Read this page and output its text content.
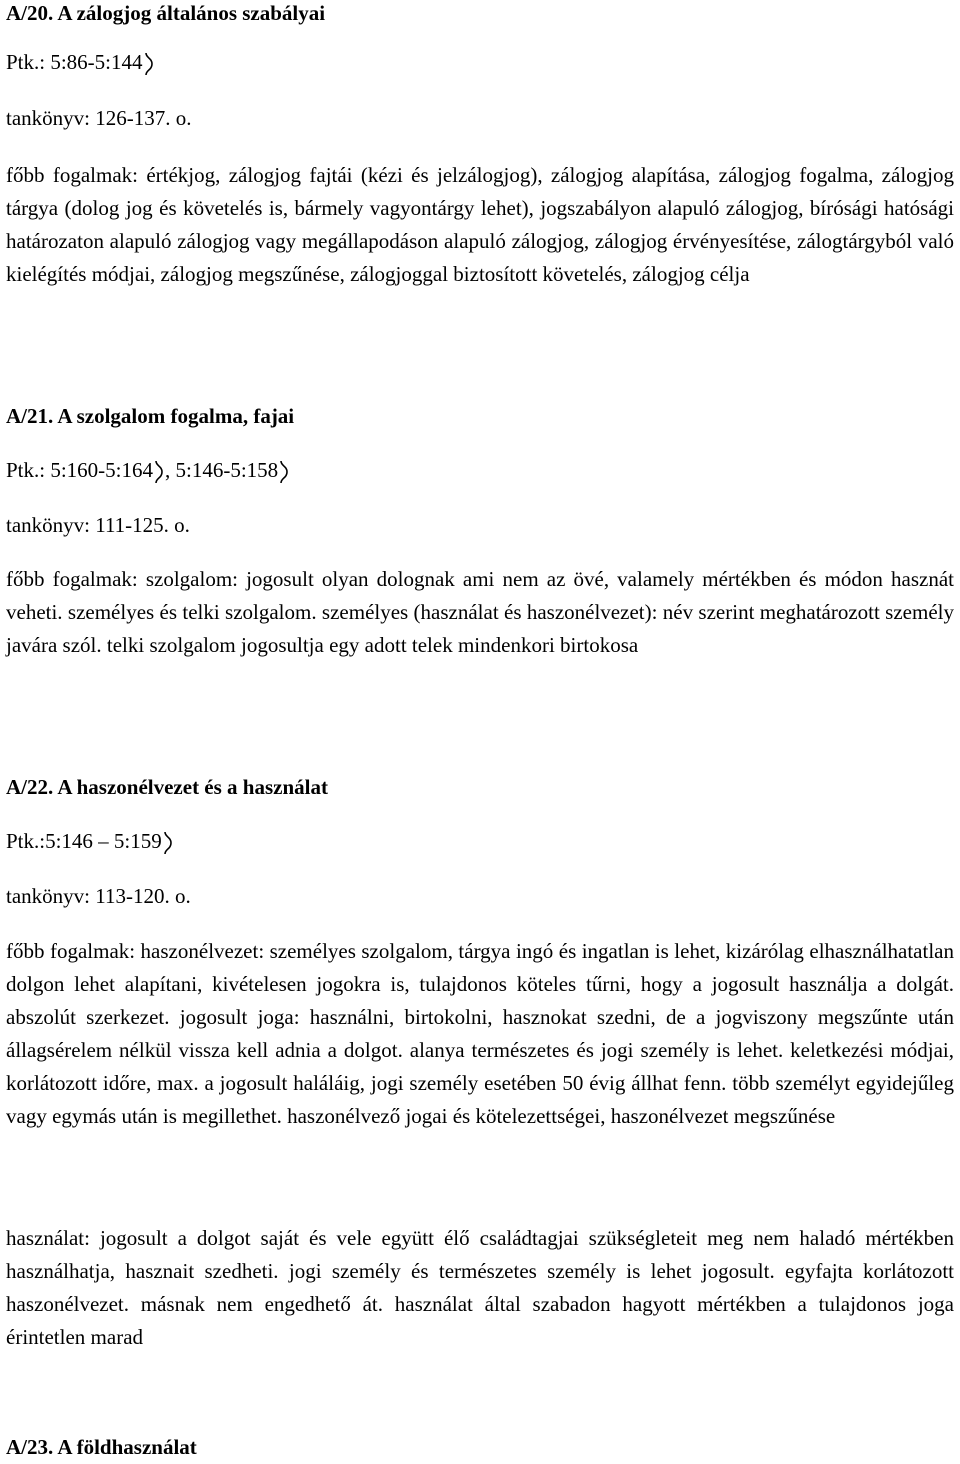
A/20. A zálogjog általános szabályai
Ptk.: 5:86-5:144
tankönyv: 126-137. o.

főbb fogalmak: értékjog, zálogjog fajtái (kézi és jelzálogjog), zálogjog alapítása, zálogjog fogalma, zálogjog tárgya (dolog jog és követelés is, bármely vagyontárgy lehet), jogszabályon alapuló zálogjog, bírósági hatósági határozaton alapuló zálogjog vagy megállapodáson alapuló zálogjog, zálogjog érvényesítése, zálogtárgyból való kielégítés módjai, zálogjog megszűnése, zálogjoggal biztosított követelés, zálogjog célja

A/21. A szolgalom fogalma, fajai
Ptk.: 5:160-5:164 , 5:146-5:158
tankönyv: 111-125. o.

főbb fogalmak: szolgalom: jogosult olyan dolognak ami nem az övé, valamely mértékben és módon hasznát veheti. személyes és telki szolgalom. személyes (használat és haszonélvezet): név szerint meghatározott személy javára szól. telki szolgalom jogosultja egy adott telek mindenkori birtokosa

A/22. A haszonélvezet és a használat
Ptk.:5:146 – 5:159
tankönyv: 113-120. o.

főbb fogalmak: haszonélvezet: személyes szolgalom, tárgya ingó és ingatlan is lehet, kizárólag elhasználhatatlan dolgon lehet alapítani, kivételesen jogokra is, tulajdonos köteles tűrni, hogy a jogosult használja a dolgát. abszolút szerkezet. jogosult joga: használni, birtokolni, hasznokat szedni, de a jogviszony megszűnte után állagsérelem nélkül vissza kell adnia a dolgot. alanya természetes és jogi személy is lehet. keletkezési módjai, korlátozott időre, max. a jogosult haláláig, jogi személy esetében 50 évig állhat fenn. több személyt egyidejűleg vagy egymás után is megillethet. haszonélvező jogai és kötelezettségei, haszonélvezet megszűnése

használat: jogosult a dolgot saját és vele együtt élő családtagjai szükségleteit meg nem haladó mértékben használhatja, hasznait szedheti. jogi személy és természetes személy is lehet jogosult. egyfajta korlátozott haszonélvezet. másnak nem engedhető át. használat által szabadon hagyott mértékben a tulajdonos joga érintetlen marad

A/23. A földhasználat
